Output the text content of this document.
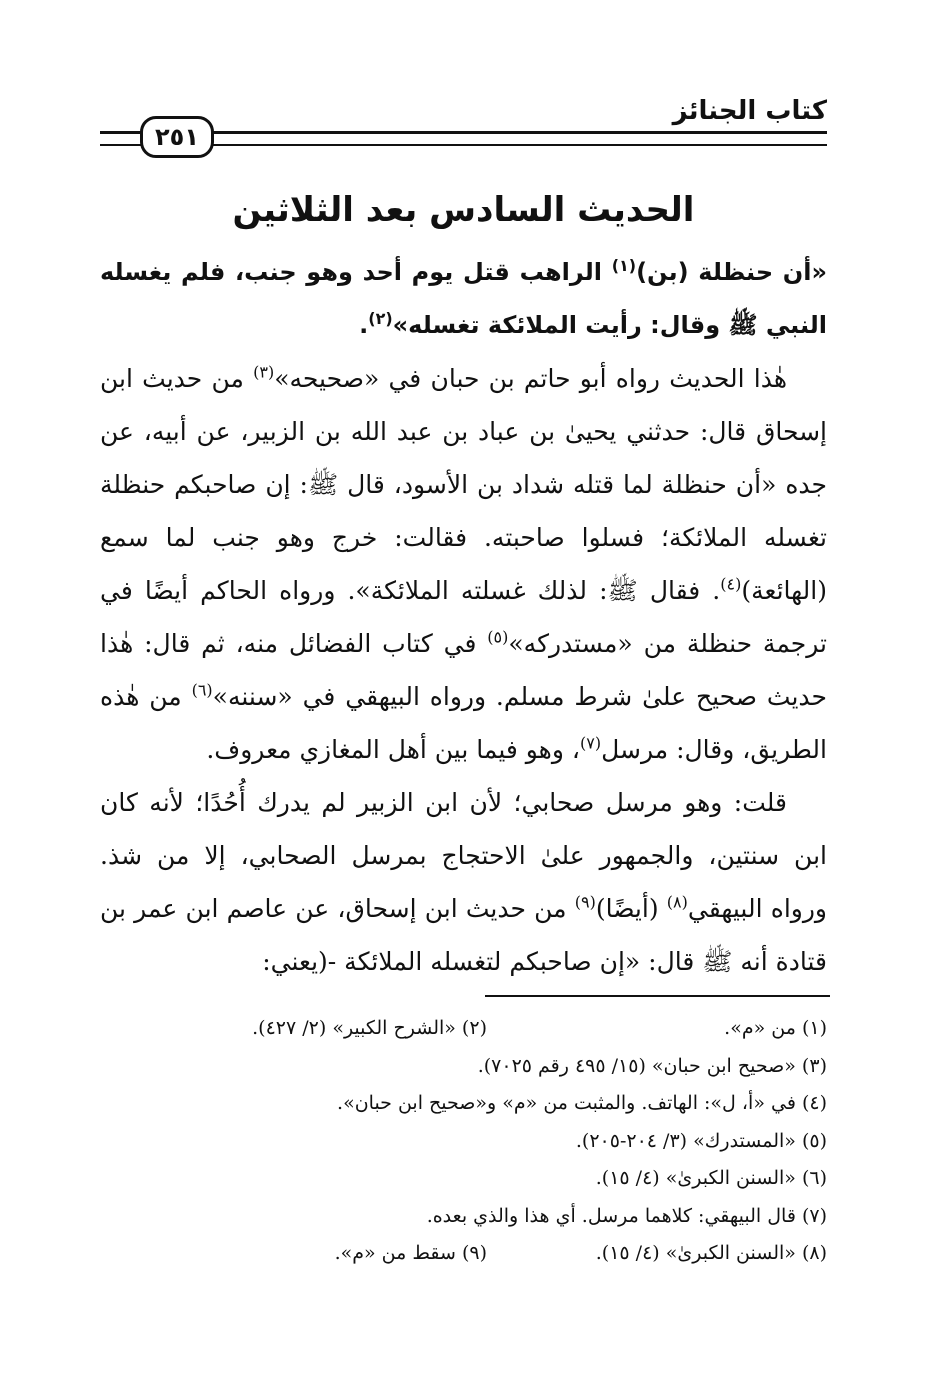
كتاب الجنائز
٢٥١
الحديث السادس بعد الثلاثين

«أن حنظلة (بن)$^{(١)}$ الراهب قتل يوم أحد وهو جنب، فلم يغسله النبي ﷺ وقال: رأيت الملائكة تغسله»$^{(٢)}$.

هٰذا الحديث رواه أبو حاتم بن حبان في «صحيحه»$^{(٣)}$ من حديث ابن إسحاق قال: حدثني يحيىٰ بن عباد بن عبد الله بن الزبير، عن أبيه، عن جده «أن حنظلة لما قتله شداد بن الأسود، قال ﷺ: إن صاحبكم حنظلة تغسله الملائكة؛ فسلوا صاحبته. فقالت: خرج وهو جنب لما سمع (الهائعة)$^{(٤)}$. فقال ﷺ: لذلك غسلته الملائكة». ورواه الحاكم أيضًا في ترجمة حنظلة من «مستدركه»$^{(٥)}$ في كتاب الفضائل منه، ثم قال: هٰذا حديث صحيح علىٰ شرط مسلم. ورواه البيهقي في «سننه»$^{(٦)}$ من هٰذه الطريق، وقال: مرسل$^{(٧)}$، وهو فيما بين أهل المغازي معروف.

قلت: وهو مرسل صحابي؛ لأن ابن الزبير لم يدرك أُحُدًا؛ لأنه كان ابن سنتين، والجمهور علىٰ الاحتجاج بمرسل الصحابي، إلا من شذ. ورواه البيهقي$^{(٨)}$ (أيضًا)$^{(٩)}$ من حديث ابن إسحاق، عن عاصم ابن عمر بن قتادة أنه ﷺ قال: «إن صاحبكم لتغسله الملائكة -(يعني:

(١) من «م».
(٢) «الشرح الكبير» (٢/ ٤٢٧).
(٣) «صحيح ابن حبان» (١٥/ ٤٩٥ رقم ٧٠٢٥).
(٤) في «أ، ل»: الهاتف. والمثبت من «م» و«صحيح ابن حبان».
(٥) «المستدرك» (٣/ ٢٠٤-٢٠٥).
(٦) «السنن الكبرىٰ» (٤/ ١٥).
(٧) قال البيهقي: كلاهما مرسل. أي هذا والذي بعده.
(٨) «السنن الكبرىٰ» (٤/ ١٥).
(٩) سقط من «م».
